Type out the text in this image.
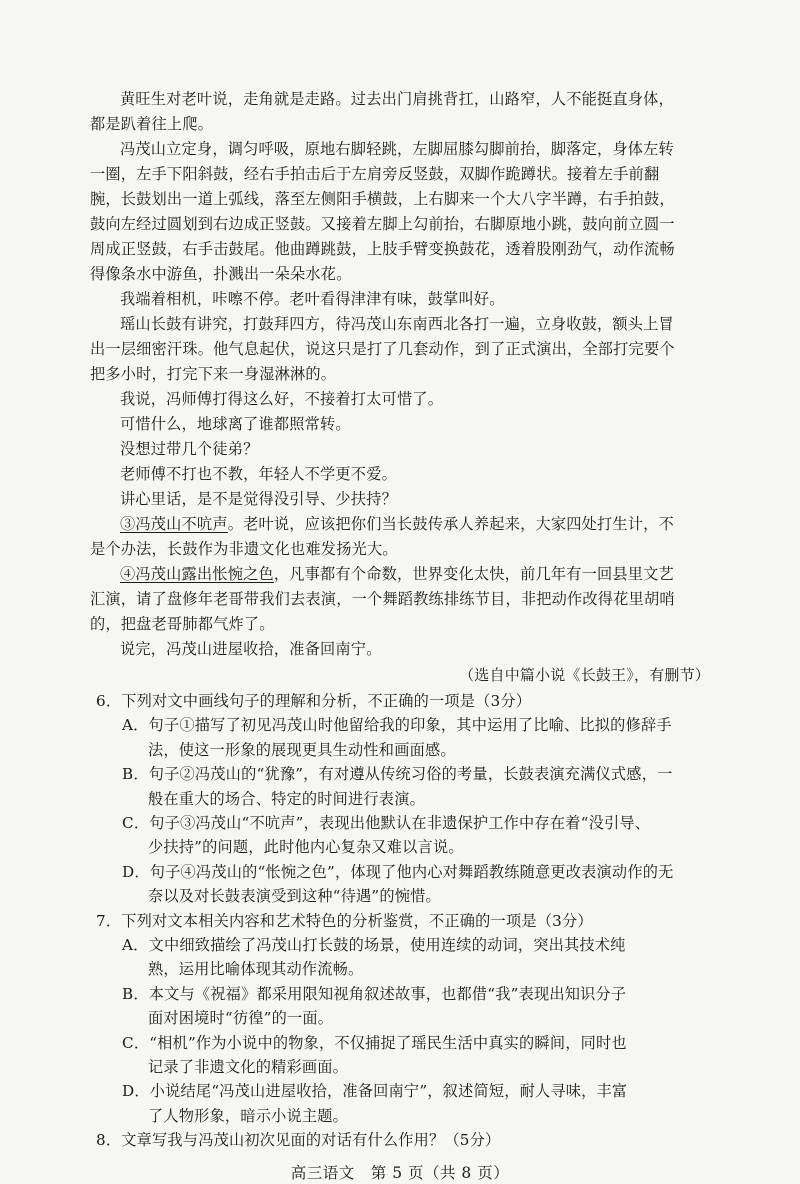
黄旺生对老叶说，走角就是走路。过去出门肩挑背扛，山路窄，人不能挺直身体，
都是趴着往上爬。
冯茂山立定身，调匀呼吸，原地右脚轻跳，左脚屈膝勾脚前抬，脚落定，身体左转
一圈，左手下阳斜鼓，经右手拍击后于左肩旁反竖鼓，双脚作跪蹲状。接着左手前翻
腕，长鼓划出一道上弧线，落至左侧阳手横鼓，上右脚来一个大八字半蹲，右手拍鼓，
鼓向左经过圆划到右边成正竖鼓。又接着左脚上勾前抬，右脚原地小跳，鼓向前立圆一
周成正竖鼓，右手击鼓尾。他曲蹲跳鼓，上肢手臂变换鼓花，透着股刚劲气，动作流畅
得像条水中游鱼，扑溅出一朵朵水花。
我端着相机，咔嚓不停。老叶看得津津有味，鼓掌叫好。
瑶山长鼓有讲究，打鼓拜四方，待冯茂山东南西北各打一遍，立身收鼓，额头上冒
出一层细密汗珠。他气息起伏，说这只是打了几套动作，到了正式演出，全部打完要个
把多小时，打完下来一身湿淋淋的。
我说，冯师傅打得这么好，不接着打太可惜了。
可惜什么，地球离了谁都照常转。
没想过带几个徒弟？
老师傅不打也不教，年轻人不学更不爱。
讲心里话，是不是觉得没引导、少扶持？
③冯茂山不吭声。老叶说，应该把你们当长鼓传承人养起来，大家四处打生计，不
是个办法，长鼓作为非遗文化也难发扬光大。
④冯茂山露出怅惋之色，凡事都有个命数，世界变化太快，前几年有一回县里文艺
汇演，请了盘修年老哥带我们去表演，一个舞蹈教练排练节目，非把动作改得花里胡哨
的，把盘老哥肺都气炸了。
说完，冯茂山进屋收拾，准备回南宁。
（选自中篇小说《长鼓王》，有删节）
6．下列对文中画线句子的理解和分析，不正确的一项是（3分）
A．句子①描写了初见冯茂山时他留给我的印象，其中运用了比喻、比拟的修辞手
法，使这一形象的展现更具生动性和画面感。
B．句子②冯茂山的“犹豫”，有对遵从传统习俗的考量，长鼓表演充满仪式感，一
般在重大的场合、特定的时间进行表演。
C．句子③冯茂山“不吭声”，表现出他默认在非遗保护工作中存在着“没引导、
少扶持”的问题，此时他内心复杂又难以言说。
D．句子④冯茂山的“怅惋之色”，体现了他内心对舞蹈教练随意更改表演动作的无
奈以及对长鼓表演受到这种“待遇”的惋惜。
7．下列对文本相关内容和艺术特色的分析鉴赏，不正确的一项是（3分）
A．文中细致描绘了冯茂山打长鼓的场景，使用连续的动词，突出其技术纯
熟，运用比喻体现其动作流畅。
B．本文与《祝福》都采用限知视角叙述故事，也都借“我”表现出知识分子
面对困境时“彷徨”的一面。
C．“相机”作为小说中的物象，不仅捕捉了瑶民生活中真实的瞬间，同时也
记录了非遗文化的精彩画面。
D．小说结尾“冯茂山进屋收拾，准备回南宁”，叙述简短，耐人寻味，丰富
了人物形象，暗示小说主题。
8．文章写我与冯茂山初次见面的对话有什么作用？（5分）
高三语文　第 5 页（共 8 页）
